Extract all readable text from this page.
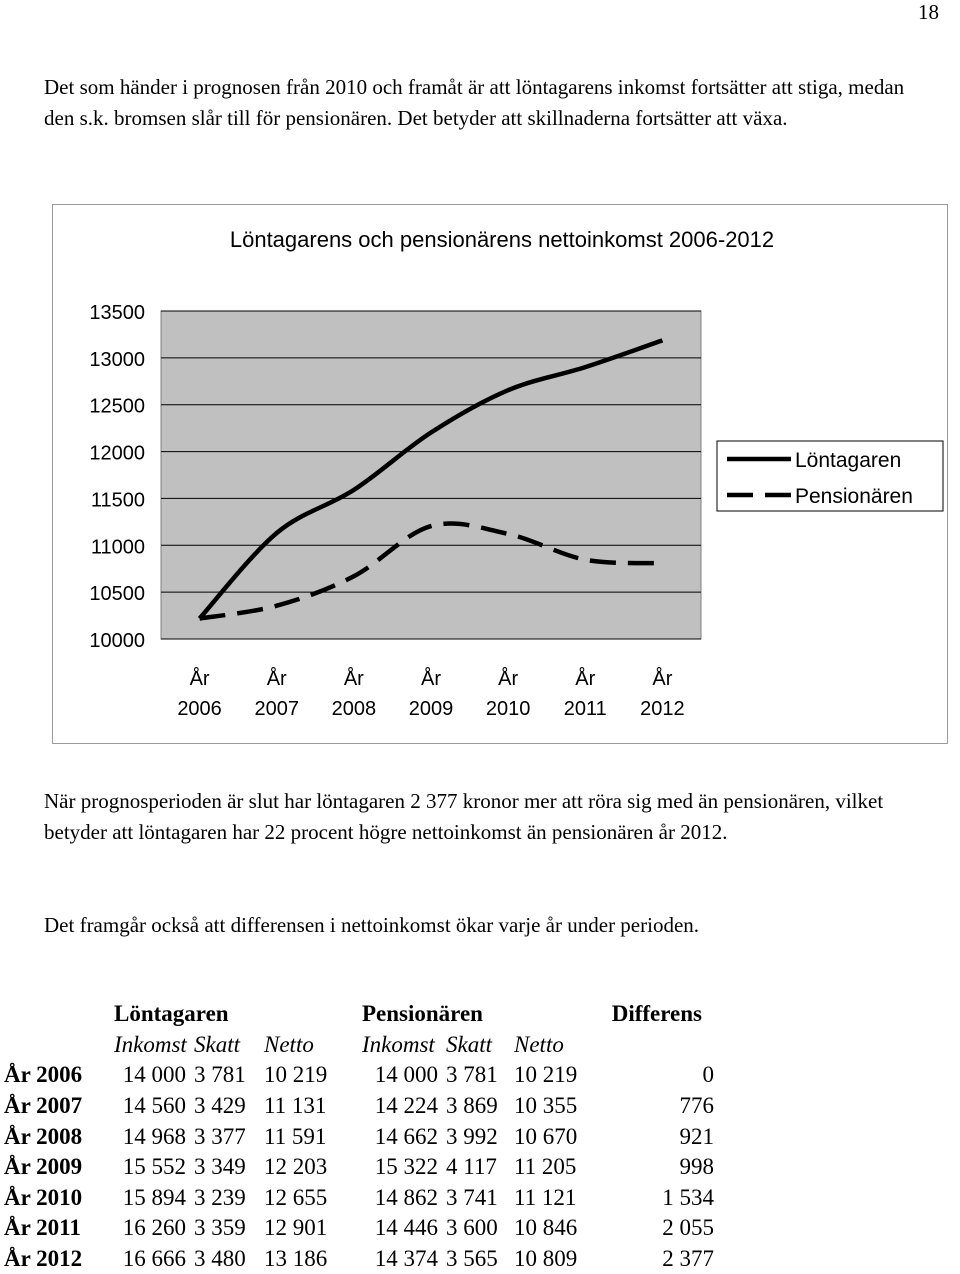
18

Det som händer i prognosen från 2010 och framåt är att löntagarens inkomst fortsätter att stiga, medan den s.k. bromsen slår till för pensionären. Det betyder att skillnaderna fortsätter att växa.

Löntagarens och pensionärens nettoinkomst 2006-2012
10000
10500
11000
11500
12000
12500
13000
13500
År 2006
År 2007
År 2008
År 2009
År 2010
År 2011
År 2012
Löntagaren
Pensionären

När prognosperioden är slut har löntagaren 2 377 kronor mer att röra sig med än pensionären, vilket betyder att löntagaren har 22 procent högre nettoinkomst än pensionären år 2012.

Det framgår också att differensen i nettoinkomst ökar varje år under perioden.

	Löntagaren			Pensionären			Differens
	Inkomst	Skatt	Netto	Inkomst	Skatt	Netto	
År 2006	14 000	3 781	10 219	14 000	3 781	10 219	0
År 2007	14 560	3 429	11 131	14 224	3 869	10 355	776
År 2008	14 968	3 377	11 591	14 662	3 992	10 670	921
År 2009	15 552	3 349	12 203	15 322	4 117	11 205	998
År 2010	15 894	3 239	12 655	14 862	3 741	11 121	1 534
År 2011	16 260	3 359	12 901	14 446	3 600	10 846	2 055
År 2012	16 666	3 480	13 186	14 374	3 565	10 809	2 377
